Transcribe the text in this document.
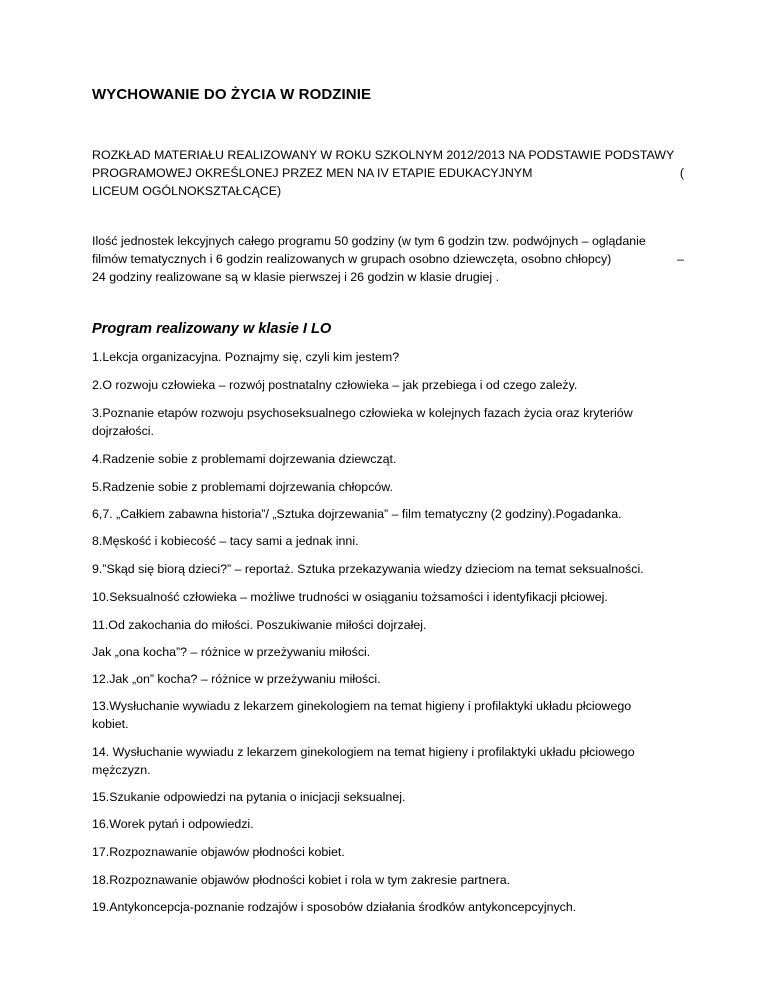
WYCHOWANIE DO ŻYCIA W RODZINIE
ROZKŁAD MATERIAŁU REALIZOWANY W ROKU SZKOLNYM 2012/2013 NA PODSTAWIE PODSTAWY
PROGRAMOWEJ OKREŚLONEJ PRZEZ MEN NA IV ETAPIE EDUKACYJNYM	(
LICEUM OGÓLNOKSZTAŁCĄCE)
Ilość jednostek lekcyjnych całego programu 50 godziny (w tym 6 godzin tzw. podwójnych – oglądanie
filmów tematycznych i 6 godzin realizowanych w grupach osobno dziewczęta, osobno chłopcy)	–
24 godziny realizowane są w klasie pierwszej i 26 godzin w klasie drugiej .
Program realizowany w klasie I LO
1.Lekcja organizacyjna. Poznajmy się, czyli kim jestem?
2.O rozwoju człowieka – rozwój postnatalny człowieka – jak przebiega i od czego zależy.
3.Poznanie etapów rozwoju psychoseksualnego człowieka w kolejnych fazach życia oraz kryteriów
dojrzałości.
4.Radzenie sobie z problemami dojrzewania dziewcząt.
5.Radzenie sobie z problemami dojrzewania chłopców.
6,7. „Całkiem zabawna historia”/ „Sztuka dojrzewania” – film tematyczny (2 godziny).Pogadanka.
8.Męskość i kobiecość – tacy sami a jednak inni.
9.”Skąd się biorą dzieci?” – reportaż. Sztuka przekazywania wiedzy dzieciom na temat seksualności.
10.Seksualność człowieka – możliwe trudności w osiąganiu tożsamości i identyfikacji płciowej.
11.Od zakochania do miłości. Poszukiwanie miłości dojrzałej.
Jak „ona kocha”? – różnice w przeżywaniu miłości.
12.Jak „on” kocha? – różnice w przeżywaniu miłości.
13.Wysłuchanie wywiadu z lekarzem ginekologiem na temat higieny i profilaktyki układu płciowego
kobiet.
14. Wysłuchanie wywiadu z lekarzem ginekologiem na temat higieny i profilaktyki układu płciowego
mężczyzn.
15.Szukanie odpowiedzi na pytania o inicjacji seksualnej.
16.Worek pytań i odpowiedzi.
17.Rozpoznawanie objawów płodności kobiet.
18.Rozpoznawanie objawów płodności kobiet i rola w tym zakresie partnera.
19.Antykoncepcja-poznanie rodzajów i sposobów działania środków antykoncepcyjnych.
